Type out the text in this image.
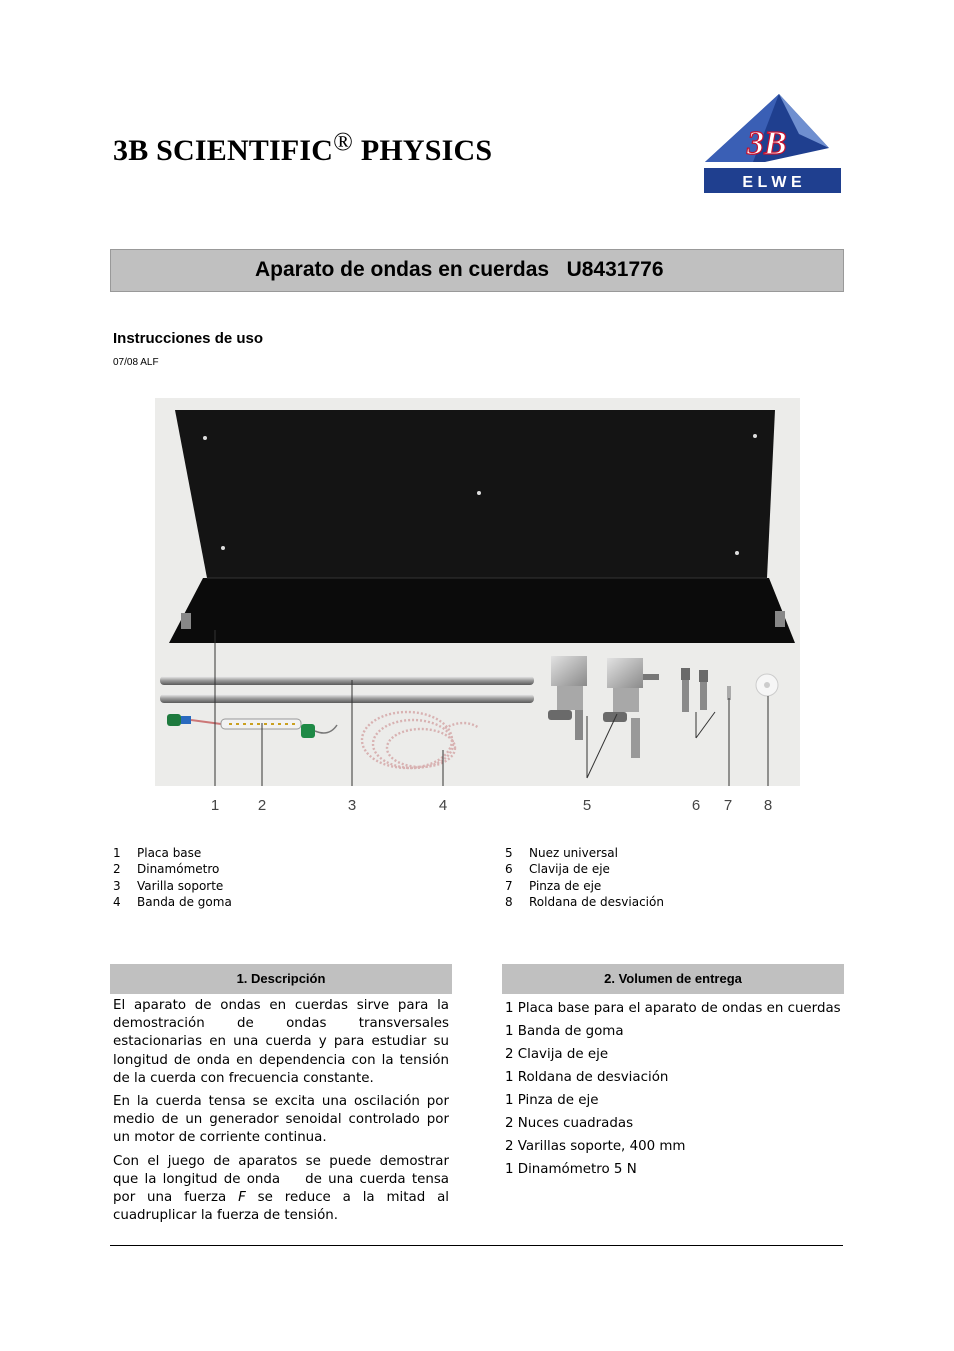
3B SCIENTIFIC® PHYSICS	3B
E L W E
Aparato de ondas en cuerdas   U8431776
Instrucciones de uso
07/08 ALF
1	2	3	4	5	6	7	8
1	Placa base
2	Dinamómetro
3	Varilla soporte
4	Banda de goma
5	Nuez universal
6	Clavija de eje
7	Pinza de eje
8	Roldana de desviación
1. Descripción

El aparato de ondas en cuerdas sirve para la demostración de ondas transversales estacionarias en una cuerda y para estudiar su longitud de onda en dependencia con la tensión de la cuerda con frecuencia constante.

En la cuerda tensa se excita una oscilación por medio de un generador senoidal controlado por un motor de corriente continua.

Con el juego de aparatos se puede demostrar que la longitud de onda    de una cuerda tensa por una fuerza F se reduce a la mitad al cuadruplicar la fuerza de tensión.

2. Volumen de entrega
1 Placa base para el aparato de ondas en cuerdas
1 Banda de goma
2 Clavija de eje
1 Roldana de desviación
1 Pinza de eje
2 Nuces cuadradas
2 Varillas soporte, 400 mm
1 Dinamómetro 5 N
